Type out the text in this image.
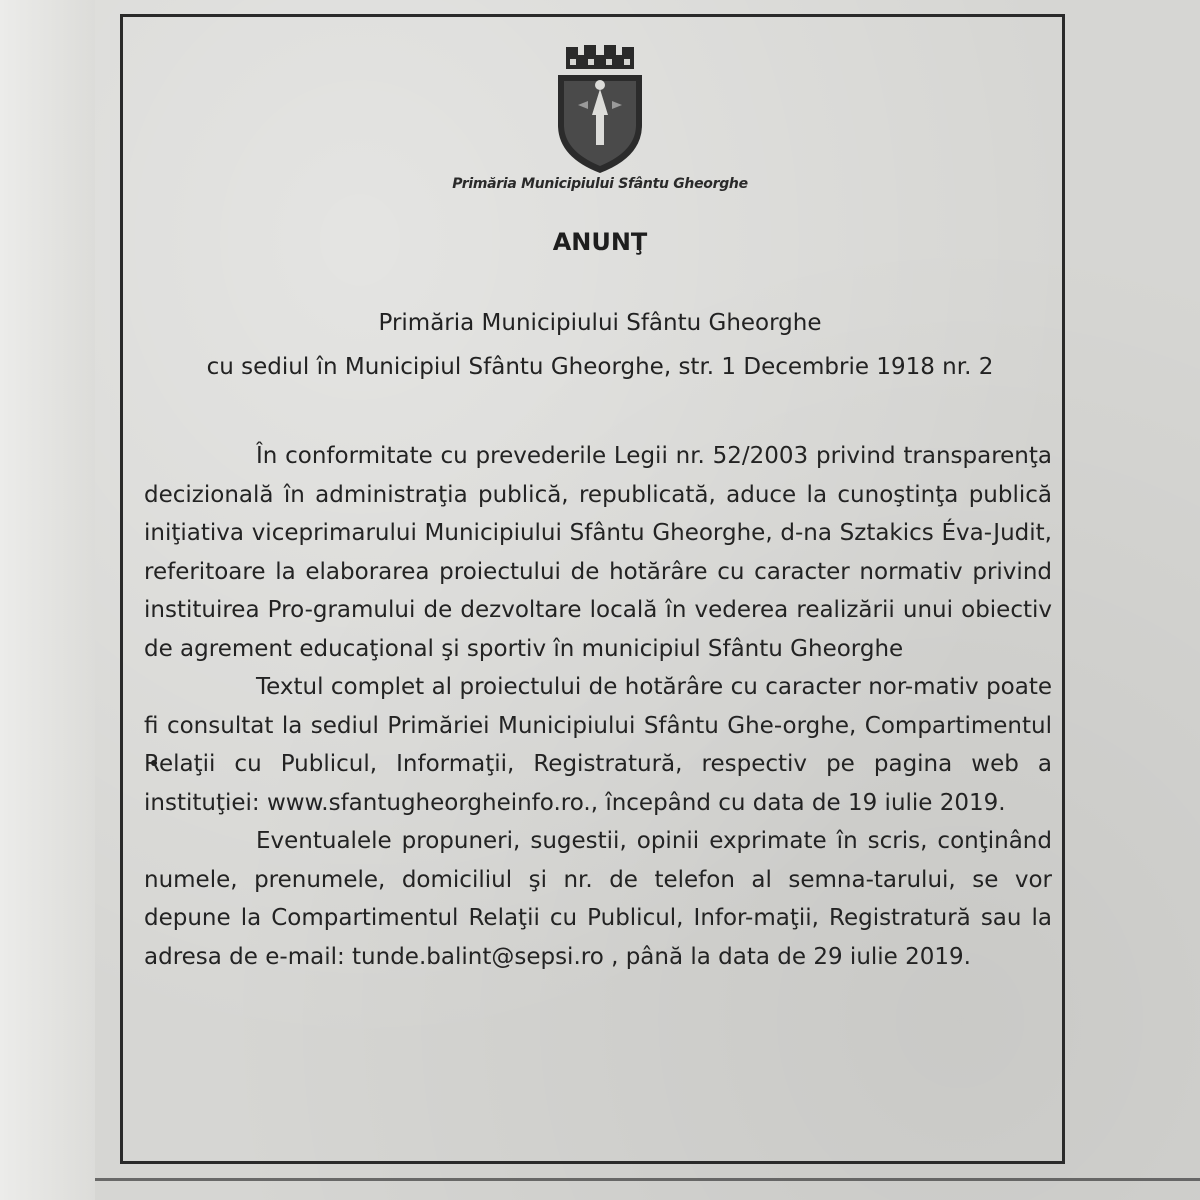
Primăria Municipiului Sfântu Gheorghe
ANUNŢ
Primăria Municipiului Sfântu Gheorghe
cu sediul în Municipiul Sfântu Gheorghe, str. 1 Decembrie 1918 nr. 2

În conformitate cu prevederile Legii nr. 52/2003 privind transparenţa decizională în administraţia publică, republicată, aduce la cunoştinţa publică iniţiativa viceprimarului Municipiului Sfântu Gheorghe, d-na Sztakics Éva-Judit, referitoare la elaborarea proiectului de hotărâre cu caracter normativ privind instituirea Pro-gramului de dezvoltare locală în vederea realizării unui obiectiv de agrement educaţional şi sportiv în municipiul Sfântu Gheorghe

Textul complet al proiectului de hotărâre cu caracter nor-mativ poate fi consultat la sediul Primăriei Municipiului Sfântu Ghe-orghe, Compartimentul Relaţii cu Publicul, Informaţii, Registratură, respectiv pe pagina web a instituţiei: www.sfantugheorgheinfo.ro., începând cu data de 19 iulie 2019.

Eventualele propuneri, sugestii, opinii exprimate în scris, conţinând numele, prenumele, domiciliul şi nr. de telefon al semna-tarului, se vor depune la Compartimentul Relaţii cu Publicul, Infor-maţii, Registratură sau la adresa de e-mail: tunde.balint@sepsi.ro , până la data de 29 iulie 2019.
